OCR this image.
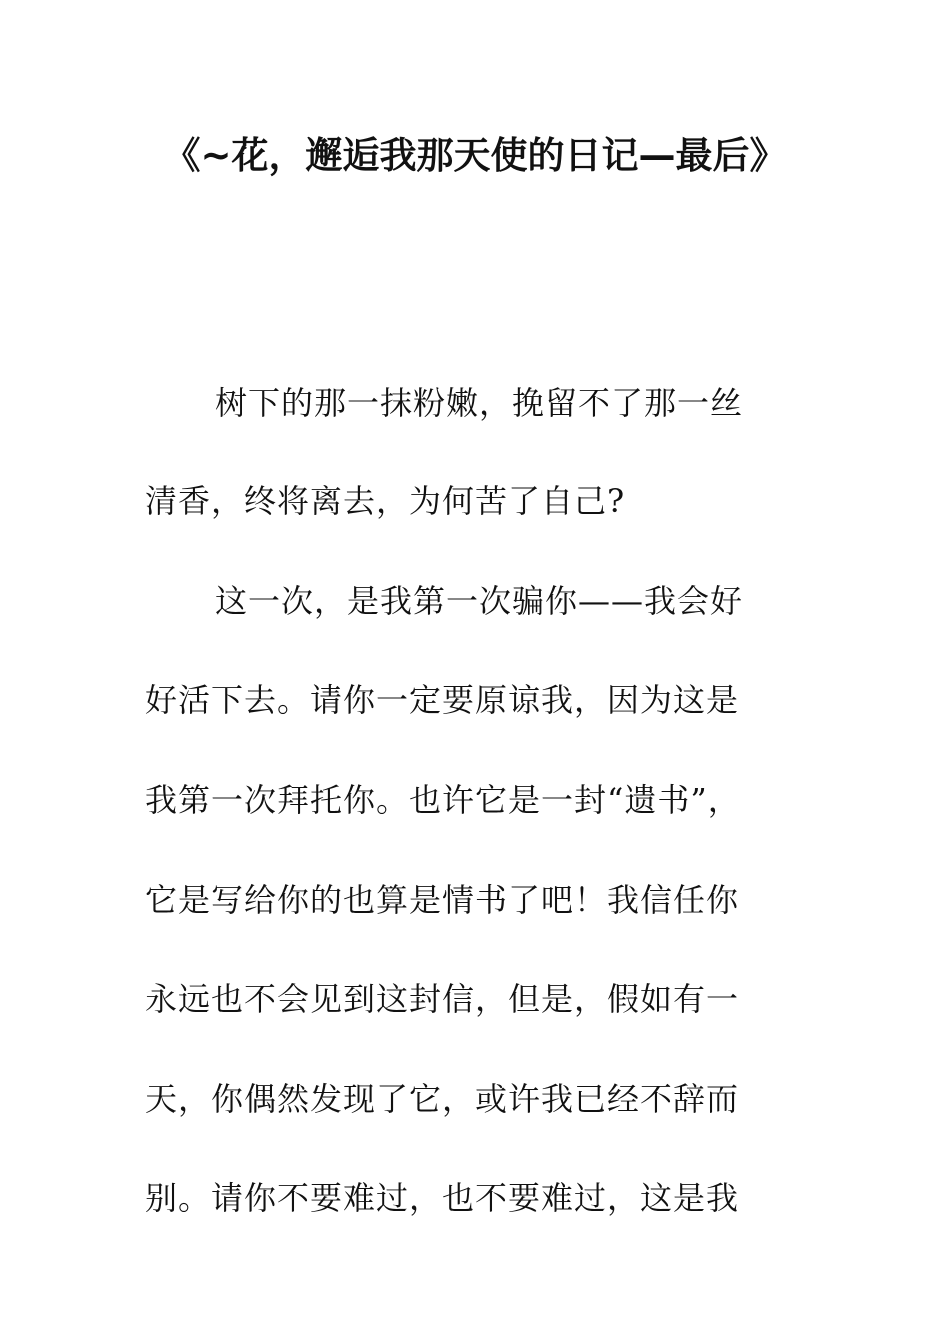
《~花，邂逅我那天使的日记—最后》

树下的那一抹粉嫩，挽留不了那一丝

清香，终将离去，为何苦了自己?

这一次，是我第一次骗你——我会好

好活下去。请你一定要原谅我，因为这是

我第一次拜托你。也许它是一封“遗书”，

它是写给你的也算是情书了吧！我信任你

永远也不会见到这封信，但是，假如有一

天，你偶然发现了它，或许我已经不辞而

别。请你不要难过，也不要难过，这是我
